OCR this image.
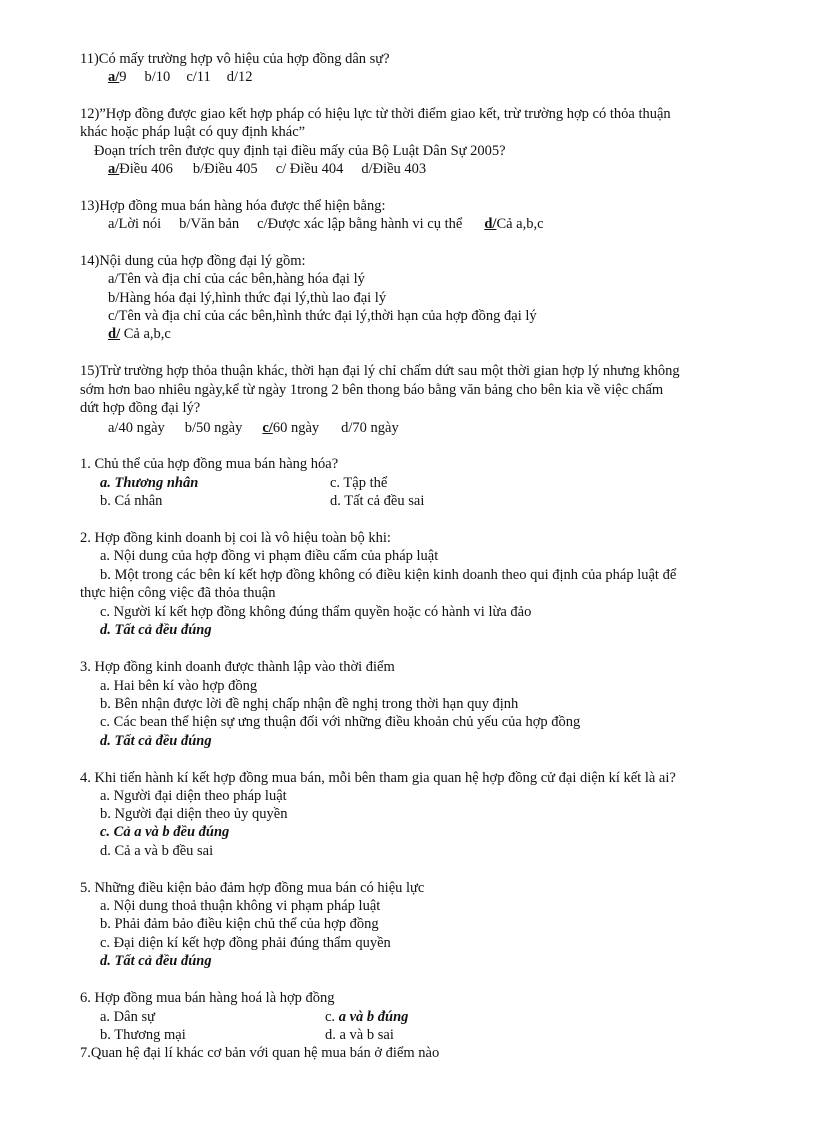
11)Có mấy trường hợp vô hiệu của hợp đồng dân sự?
a/9 b/10 c/11 d/12
12)”Hợp đồng được giao kết hợp pháp có hiệu lực từ thời điểm giao kết, trừ trường hợp có thỏa thuận
khác hoặc pháp luật có quy định khác”
Đoạn trích trên được quy định tại điều mấy của Bộ Luật Dân Sự 2005?
a/Điều 406 b/Điều 405 c/ Điều 404 d/Điều 403
13)Hợp đồng mua bán hàng hóa được thể hiện bằng:
a/Lời nói b/Văn bản c/Được xác lập bằng hành vi cụ thể d/Cả a,b,c
14)Nội dung của hợp đồng đại lý gồm:
a/Tên và địa chỉ của các bên,hàng hóa đại lý
b/Hàng hóa đại lý,hình thức đại lý,thù lao đại lý
c/Tên và địa chỉ của các bên,hình thức đại lý,thời hạn của hợp đồng đại lý
d/ Cả a,b,c
15)Trừ trường hợp thỏa thuận khác, thời hạn đại lý chỉ chấm dứt sau một thời gian hợp lý nhưng không
sớm hơn bao nhiêu ngày,kể từ ngày 1trong 2 bên thong báo bằng văn bảng cho bên kia về việc chấm
dứt hợp đồng đại lý?
a/40 ngày b/50 ngày c/60 ngày d/70 ngày
1. Chủ thể của hợp đồng mua bán hàng hóa?
a. Thương nhân	c. Tập thể
b. Cá nhân	d. Tất cả đều sai
2. Hợp đồng kinh doanh bị coi là vô hiệu toàn bộ khi:
a. Nội dung của hợp đồng vi phạm điều cấm của pháp luật
b. Một trong các bên kí kết hợp đồng không có điều kiện kinh doanh theo qui định của pháp luật để
thực hiện công việc đã thỏa thuận
c. Người kí kết hợp đồng không đúng thẩm quyền hoặc có hành vi lừa đảo
d. Tất cả đều đúng
3. Hợp đồng kinh doanh được thành lập vào thời điểm
a. Hai bên kí vào hợp đồng
b. Bên nhận được lời đề nghị chấp nhận đề nghị trong thời hạn quy định
c. Các bean thể hiện sự ưng thuận đối với những điều khoản chủ yếu của hợp đồng
d. Tất cả đều đúng
4. Khi tiến hành kí kết hợp đồng mua bán, mỗi bên tham gia quan hệ hợp đồng cử đại diện kí kết là ai?
a. Người đại diện theo pháp luật
b. Người đại diện theo ủy quyền
c. Cả a và b đều đúng
d. Cả a và b đều sai
5. Những điều kiện bảo đảm hợp đồng mua bán có hiệu lực
a. Nội dung thoả thuận không vi phạm pháp luật
b. Phải đảm bảo điều kiện chủ thể của hợp đồng
c. Đại diện kí kết hợp đồng phải đúng thẩm quyền
d. Tất cả đều đúng
6. Hợp đồng mua bán hàng hoá là hợp đồng
a. Dân sự	c. a và b đúng
b. Thương mại	d. a và b sai
7.Quan hệ đại lí khác cơ bản với quan hệ mua bán ở điểm nào
